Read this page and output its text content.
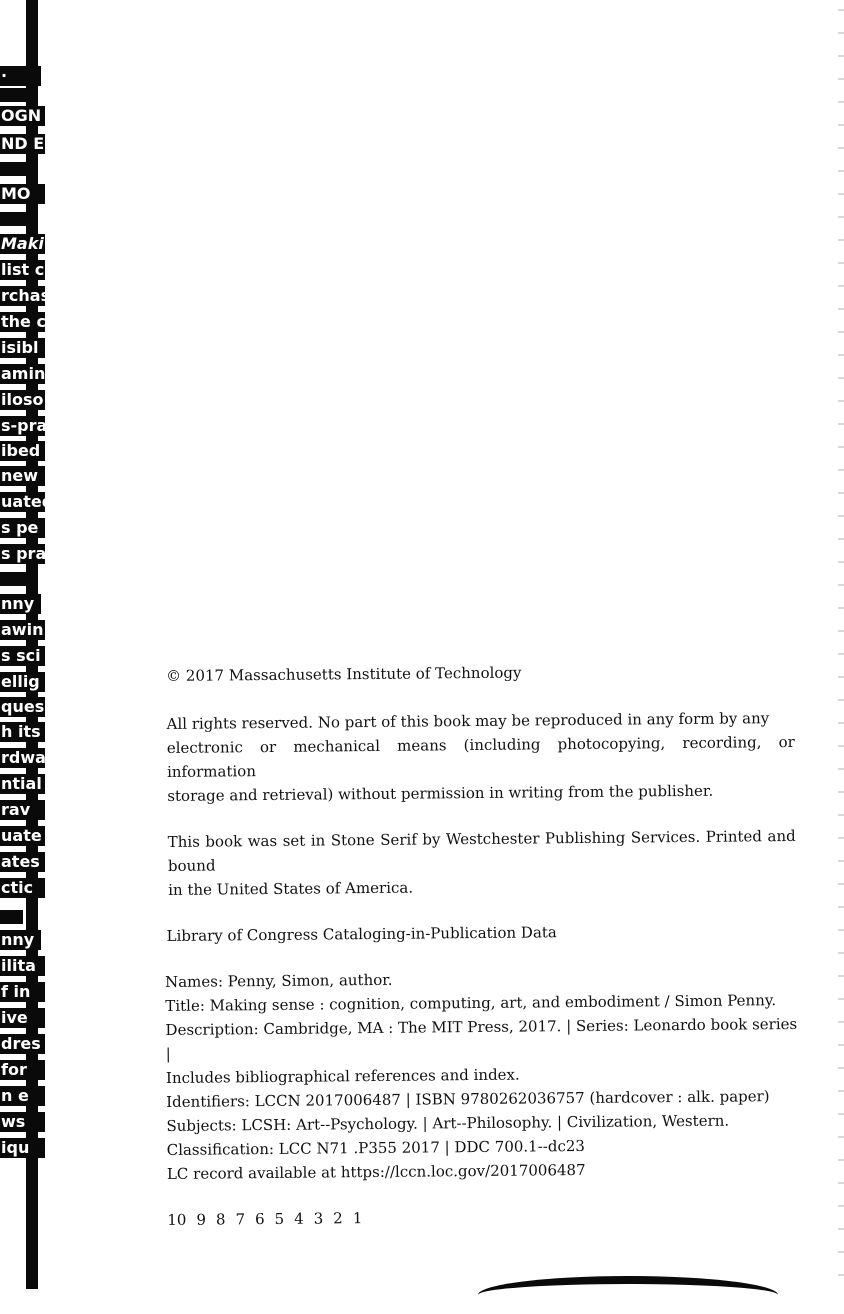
·
OGN
ND E
MO
Maki
list c
rchas
the c
isibl
amin
iloso
s-pra
ibed
new
uated
s pe
s pra
nny
awin
s sci
ellig
ques
h its
rdwa
ntial
rav
uate
ates
ctic
nny
ilita
f in
ive
dres
for
n e
ws
iqu

© 2017 Massachusetts Institute of Technology

All rights reserved. No part of this book may be reproduced in any form by any

electronic or mechanical means (including photocopying, recording, or information

storage and retrieval) without permission in writing from the publisher.

This book was set in Stone Serif by Westchester Publishing Services. Printed and bound

in the United States of America.

Library of Congress Cataloging-in-Publication Data

Names: Penny, Simon, author.

Title: Making sense : cognition, computing, art, and embodiment / Simon Penny.

Description: Cambridge, MA : The MIT Press, 2017. | Series: Leonardo book series |

Includes bibliographical references and index.

Identifiers: LCCN 2017006487 | ISBN 9780262036757 (hardcover : alk. paper)

Subjects: LCSH: Art--Psychology. | Art--Philosophy. | Civilization, Western.

Classification: LCC N71 .P355 2017 | DDC 700.1--dc23

LC record available at https://lccn.loc.gov/2017006487

10 9 8 7 6 5 4 3 2 1
